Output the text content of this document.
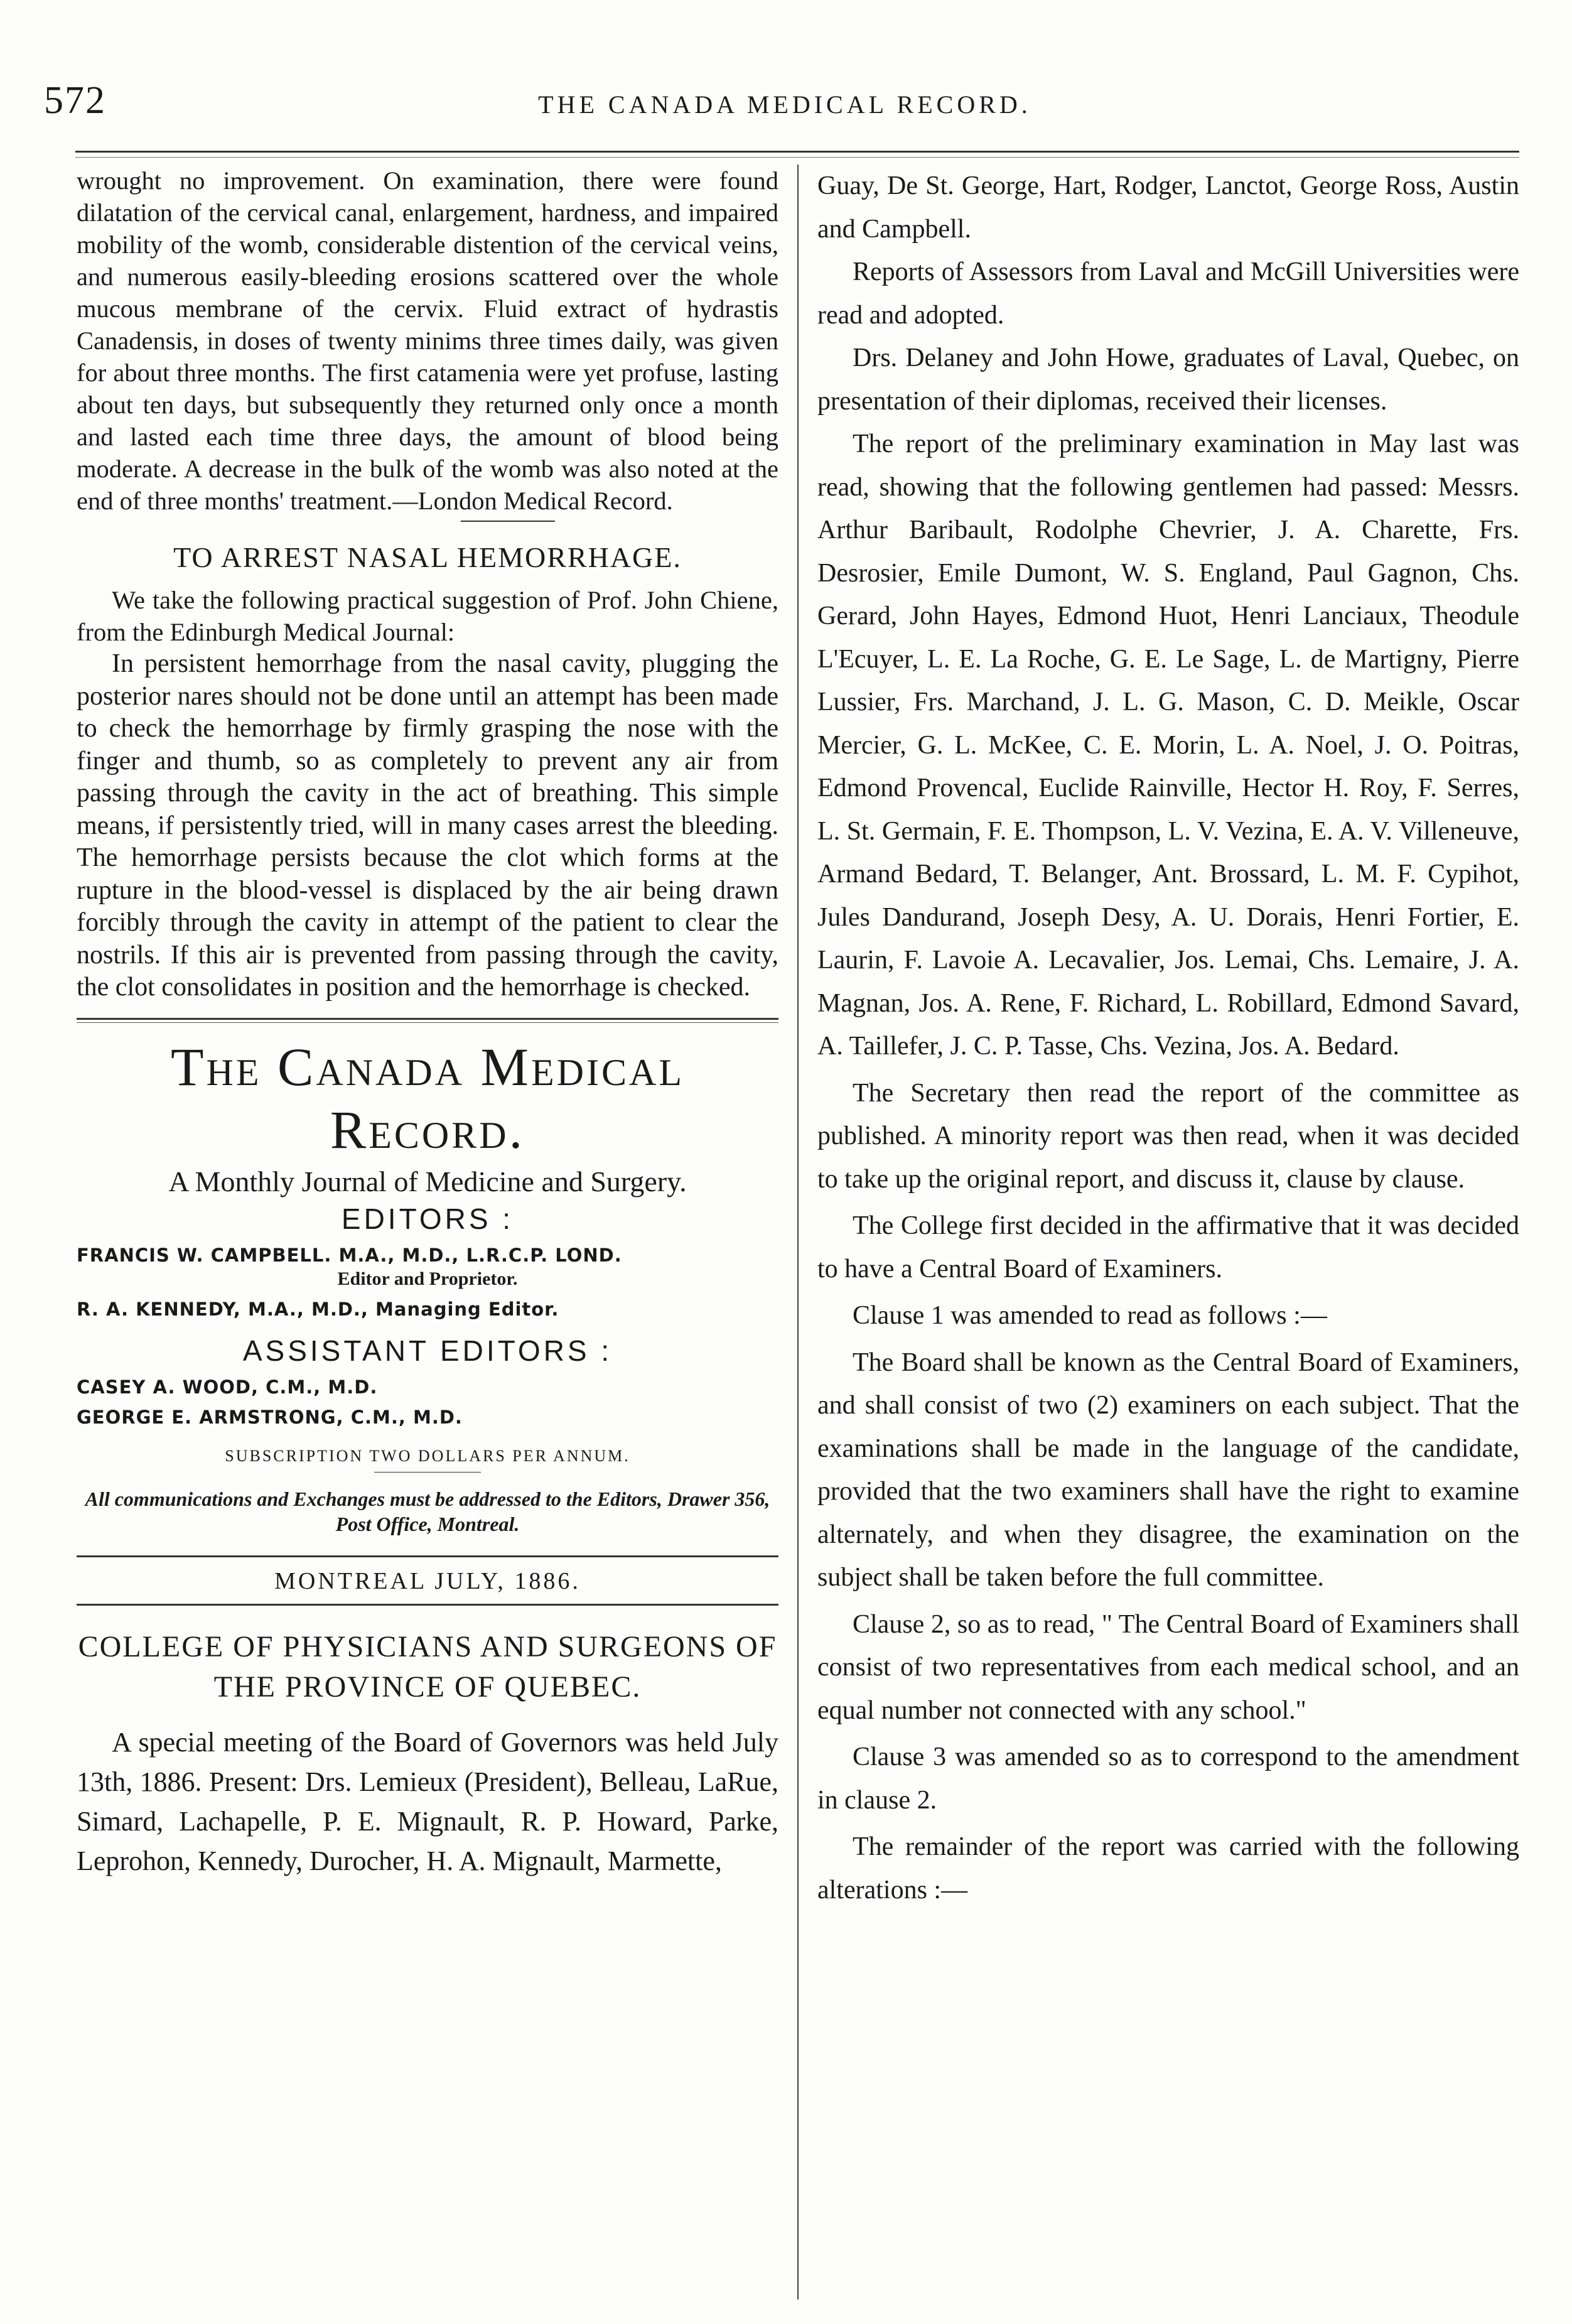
572	THE CANADA MEDICAL RECORD.

wrought no improvement. On examination, there were found dilatation of the cervical canal, enlargement, hardness, and impaired mobility of the womb, considerable distention of the cervical veins, and numerous easily-bleeding erosions scattered over the whole mucous membrane of the cervix. Fluid extract of hydrastis Canadensis, in doses of twenty minims three times daily, was given for about three months. The first catamenia were yet profuse, lasting about ten days, but subsequently they returned only once a month and lasted each time three days, the amount of blood being moderate. A decrease in the bulk of the womb was also noted at the end of three months' treatment.—London Medical Record.

TO ARREST NASAL HEMORRHAGE.

We take the following practical suggestion of Prof. John Chiene, from the Edinburgh Medical Journal:

In persistent hemorrhage from the nasal cavity, plugging the posterior nares should not be done until an attempt has been made to check the hemorrhage by firmly grasping the nose with the finger and thumb, so as completely to prevent any air from passing through the cavity in the act of breathing. This simple means, if persistently tried, will in many cases arrest the bleeding. The hemorrhage persists because the clot which forms at the rupture in the blood-vessel is displaced by the air being drawn forcibly through the cavity in attempt of the patient to clear the nostrils. If this air is prevented from passing through the cavity, the clot consolidates in position and the hemorrhage is checked.

The Canada Medical Record.
A Monthly Journal of Medicine and Surgery.
EDITORS :
FRANCIS W. CAMPBELL. M.A., M.D., L.R.C.P. LOND.
Editor and Proprietor.
R. A. KENNEDY, M.A., M.D., Managing Editor.
ASSISTANT EDITORS :
CASEY A. WOOD, C.M., M.D.
GEORGE E. ARMSTRONG, C.M., M.D.
SUBSCRIPTION TWO DOLLARS PER ANNUM.
All communications and Exchanges must be addressed to the Editors, Drawer 356, Post Office, Montreal.
MONTREAL JULY, 1886.
COLLEGE OF PHYSICIANS AND SURGEONS OF THE PROVINCE OF QUEBEC.

A special meeting of the Board of Governors was held July 13th, 1886. Present: Drs. Lemieux (President), Belleau, LaRue, Simard, Lachapelle, P. E. Mignault, R. P. Howard, Parke, Leprohon, Kennedy, Durocher, H. A. Mignault, Marmette,

Guay, De St. George, Hart, Rodger, Lanctot, George Ross, Austin and Campbell.

Reports of Assessors from Laval and McGill Universities were read and adopted.

Drs. Delaney and John Howe, graduates of Laval, Quebec, on presentation of their diplomas, received their licenses.

The report of the preliminary examination in May last was read, showing that the following gentlemen had passed: Messrs. Arthur Baribault, Rodolphe Chevrier, J. A. Charette, Frs. Desrosier, Emile Dumont, W. S. England, Paul Gagnon, Chs. Gerard, John Hayes, Edmond Huot, Henri Lanciaux, Theodule L'Ecuyer, L. E. La Roche, G. E. Le Sage, L. de Martigny, Pierre Lussier, Frs. Marchand, J. L. G. Mason, C. D. Meikle, Oscar Mercier, G. L. McKee, C. E. Morin, L. A. Noel, J. O. Poitras, Edmond Provencal, Euclide Rainville, Hector H. Roy, F. Serres, L. St. Germain, F. E. Thompson, L. V. Vezina, E. A. V. Villeneuve, Armand Bedard, T. Belanger, Ant. Brossard, L. M. F. Cypihot, Jules Dandurand, Joseph Desy, A. U. Dorais, Henri Fortier, E. Laurin, F. Lavoie A. Lecavalier, Jos. Lemai, Chs. Lemaire, J. A. Magnan, Jos. A. Rene, F. Richard, L. Robillard, Edmond Savard, A. Taillefer, J. C. P. Tasse, Chs. Vezina, Jos. A. Bedard.

The Secretary then read the report of the committee as published. A minority report was then read, when it was decided to take up the original report, and discuss it, clause by clause.

The College first decided in the affirmative that it was decided to have a Central Board of Examiners.

Clause 1 was amended to read as follows :—

The Board shall be known as the Central Board of Examiners, and shall consist of two (2) examiners on each subject. That the examinations shall be made in the language of the candidate, provided that the two examiners shall have the right to examine alternately, and when they disagree, the examination on the subject shall be taken before the full committee.

Clause 2, so as to read, " The Central Board of Examiners shall consist of two representatives from each medical school, and an equal number not connected with any school."

Clause 3 was amended so as to correspond to the amendment in clause 2.

The remainder of the report was carried with the following alterations :—
